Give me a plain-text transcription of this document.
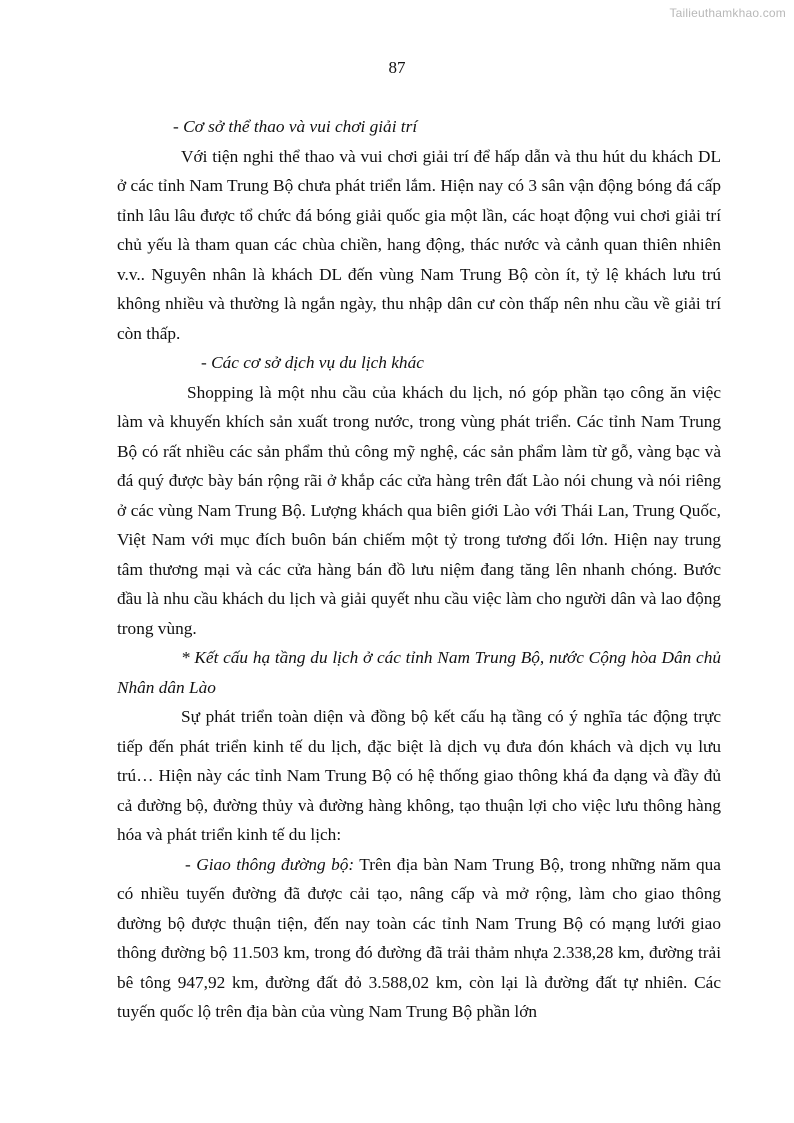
Tailieuthamkhao.com
87

- Cơ sở thể thao và vui chơi giải trí

Với tiện nghi thể thao và vui chơi giải trí để hấp dẫn và thu hút du khách DL ở các tỉnh Nam Trung Bộ chưa phát triển lắm. Hiện nay có 3 sân vận động bóng đá cấp tỉnh lâu lâu được tổ chức đá bóng giải quốc gia một lần, các hoạt động vui chơi giải trí chủ yếu là tham quan các chùa chiền, hang động, thác nước và cảnh quan thiên nhiên v.v.. Nguyên nhân là khách DL đến vùng Nam Trung Bộ còn ít, tỷ lệ khách lưu trú không nhiều và thường là ngắn ngày, thu nhập dân cư còn thấp nên nhu cầu về giải trí còn thấp.

- Các cơ sở dịch vụ du lịch khác

Shopping là một nhu cầu của khách du lịch, nó góp phần tạo công ăn việc làm và khuyến khích sản xuất trong nước, trong vùng phát triển. Các tỉnh Nam Trung Bộ có rất nhiều các sản phẩm thủ công mỹ nghệ, các sản phẩm làm từ gỗ, vàng bạc và đá quý được bày bán rộng rãi ở khắp các cửa hàng trên đất Lào nói chung và nói riêng ở các vùng Nam Trung Bộ. Lượng khách qua biên giới Lào với Thái Lan, Trung Quốc, Việt Nam với mục đích buôn bán chiếm một tỷ trong tương đối lớn. Hiện nay trung tâm thương mại và các cửa hàng bán đồ lưu niệm đang tăng lên nhanh chóng. Bước đầu là nhu cầu khách du lịch và giải quyết nhu cầu việc làm cho người dân và lao động trong vùng.

* Kết cấu hạ tầng du lịch ở các tỉnh Nam Trung Bộ, nước Cộng hòa Dân chủ Nhân dân Lào

Sự phát triển toàn diện và đồng bộ kết cấu hạ tầng có ý nghĩa tác động trực tiếp đến phát triển kinh tế du lịch, đặc biệt là dịch vụ đưa đón khách và dịch vụ lưu trú… Hiện này các tỉnh Nam Trung Bộ có hệ thống giao thông khá đa dạng và đầy đủ cả đường bộ, đường thủy và đường hàng không, tạo thuận lợi cho việc lưu thông hàng hóa và phát triển kinh tế du lịch:

- Giao thông đường bộ: Trên địa bàn Nam Trung Bộ, trong những năm qua có nhiều tuyến đường đã được cải tạo, nâng cấp và mở rộng, làm cho giao thông đường bộ được thuận tiện, đến nay toàn các tỉnh Nam Trung Bộ có mạng lưới giao thông đường bộ 11.503 km, trong đó đường đã trải thảm nhựa 2.338,28 km, đường trải bê tông 947,92 km, đường đất đỏ 3.588,02 km, còn lại là đường đất tự nhiên. Các tuyến quốc lộ trên địa bàn của vùng Nam Trung Bộ phần lớn
